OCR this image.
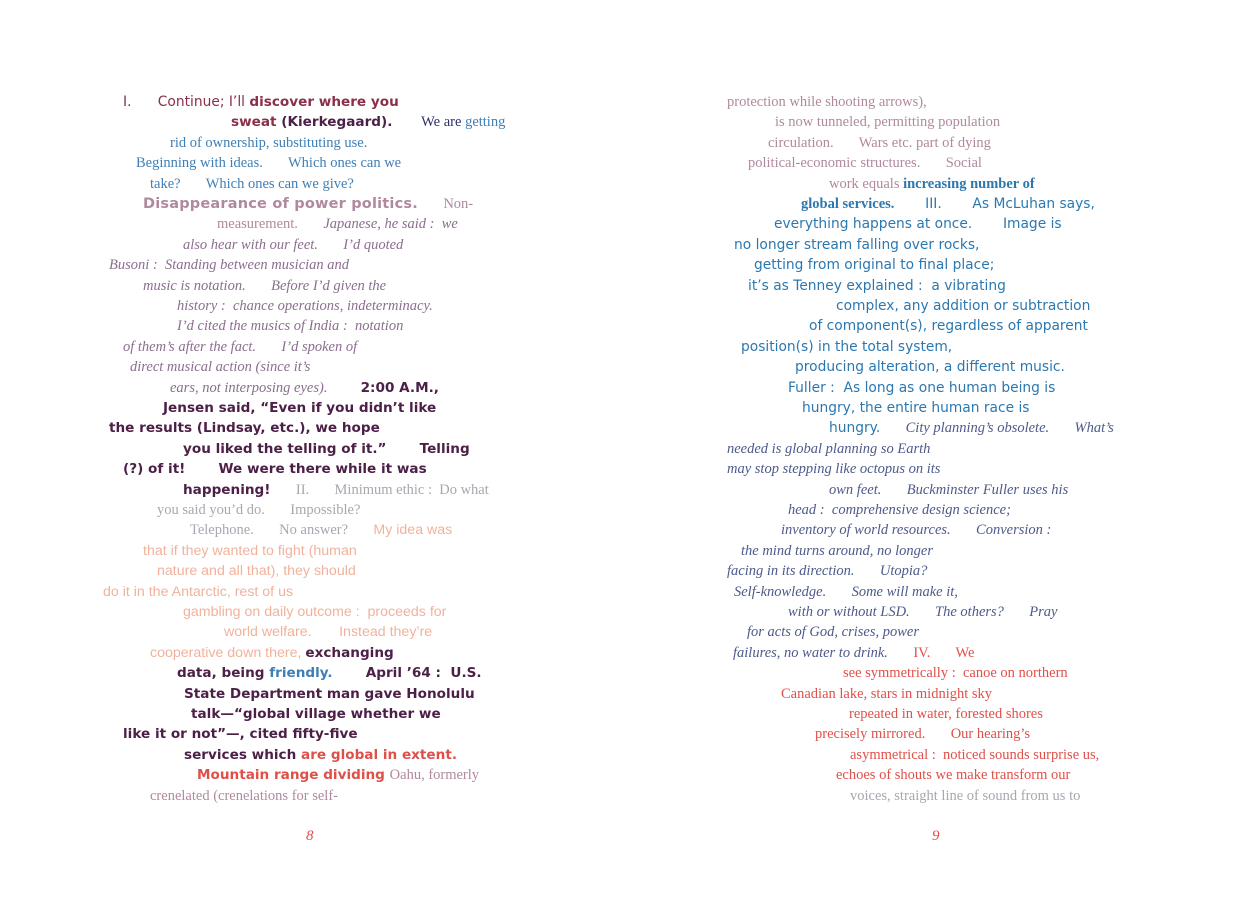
I.      Continue; I’ll discover where you
sweat (Kierkegaard).        We are getting
rid of ownership, substituting use.
Beginning with ideas.       Which ones can we
take?       Which ones can we give?
Disappearance of power politics.       Non-
measurement.       Japanese, he said :  we
also hear with our feet.       I’d quoted
Busoni :  Standing between musician and
music is notation.       Before I’d given the
history :  chance operations, indeterminacy.
I’d cited the musics of India :  notation
of them’s after the fact.       I’d spoken of
direct musical action (since it’s
ears, not interposing eyes).       2:00 A.M.,
Jensen said, “Even if you didn’t like
the results (Lindsay, etc.), we hope
you liked the telling of it.”       Telling
(?) of it!       We were there while it was
happening!       II.       Minimum ethic :  Do what
you said you’d do.       Impossible?
Telephone.       No answer?       My idea was
that if they wanted to fight (human
nature and all that), they should
do it in the Antarctic, rest of us
gambling on daily outcome :  proceeds for
world welfare.       Instead they’re
cooperative down there, exchanging
data, being friendly.       April ’64 :  U.S.
State Department man gave Honolulu
talk—“global village whether we
like it or not”—, cited fifty-five
services which are global in extent.
Mountain range dividing Oahu, formerly
crenelated (crenelations for self-
8
protection while shooting arrows),
is now tunneled, permitting population
circulation.       Wars etc. part of dying
political-economic structures.       Social
work equals increasing number of
global services.       III.       As McLuhan says,
everything happens at once.       Image is
no longer stream falling over rocks,
getting from original to final place;
it’s as Tenney explained :  a vibrating
complex, any addition or subtraction
of component(s), regardless of apparent
position(s) in the total system,
producing alteration, a different music.
Fuller :  As long as one human being is
hungry, the entire human race is
hungry.       City planning’s obsolete.       What’s
needed is global planning so Earth
may stop stepping like octopus on its
own feet.       Buckminster Fuller uses his
head :  comprehensive design science;
inventory of world resources.       Conversion :
the mind turns around, no longer
facing in its direction.       Utopia?
Self-knowledge.       Some will make it,
with or without LSD.       The others?       Pray
for acts of God, crises, power
failures, no water to drink.       IV.       We
see symmetrically :  canoe on northern
Canadian lake, stars in midnight sky
repeated in water, forested shores
precisely mirrored.       Our hearing’s
asymmetrical :  noticed sounds surprise us,
echoes of shouts we make transform our
voices, straight line of sound from us to
9
